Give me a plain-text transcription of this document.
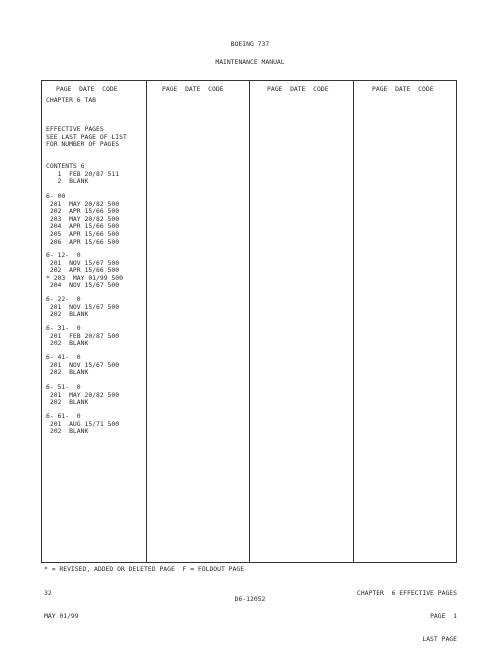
BOEING 737
MAINTENANCE MANUAL
PAGE  DATE  CODE	PAGE  DATE  CODE	PAGE  DATE  CODE	PAGE  DATE  CODE
CHAPTER 6 TAB
EFFECTIVE PAGES
SEE LAST PAGE OF LIST
FOR NUMBER OF PAGES
CONTENTS 6
1  FEB 20/87 511
2  BLANK
6- 00
201  MAY 20/82 500
202  APR 15/66 500
203  MAY 20/82 500
204  APR 15/66 500
205  APR 15/66 500
206  APR 15/66 500
6- 12-  0
201  NOV 15/67 500
202  APR 15/66 500
* 203  MAY 01/99 500
204  NOV 15/67 500
6- 22-  0
201  NOV 15/67 500
202  BLANK
6- 31-  0
201  FEB 20/87 500
202  BLANK
6- 41-  0
201  NOV 15/67 500
202  BLANK
6- 51-  0
201  MAY 20/82 500
202  BLANK
6- 61-  0
201  AUG 15/71 500
202  BLANK
* = REVISED, ADDED OR DELETED PAGE  F = FOLDOUT PAGE

32

MAY 01/99

CHAPTER  6 EFFECTIVE PAGES

PAGE  1

LAST PAGE

D6-12052
